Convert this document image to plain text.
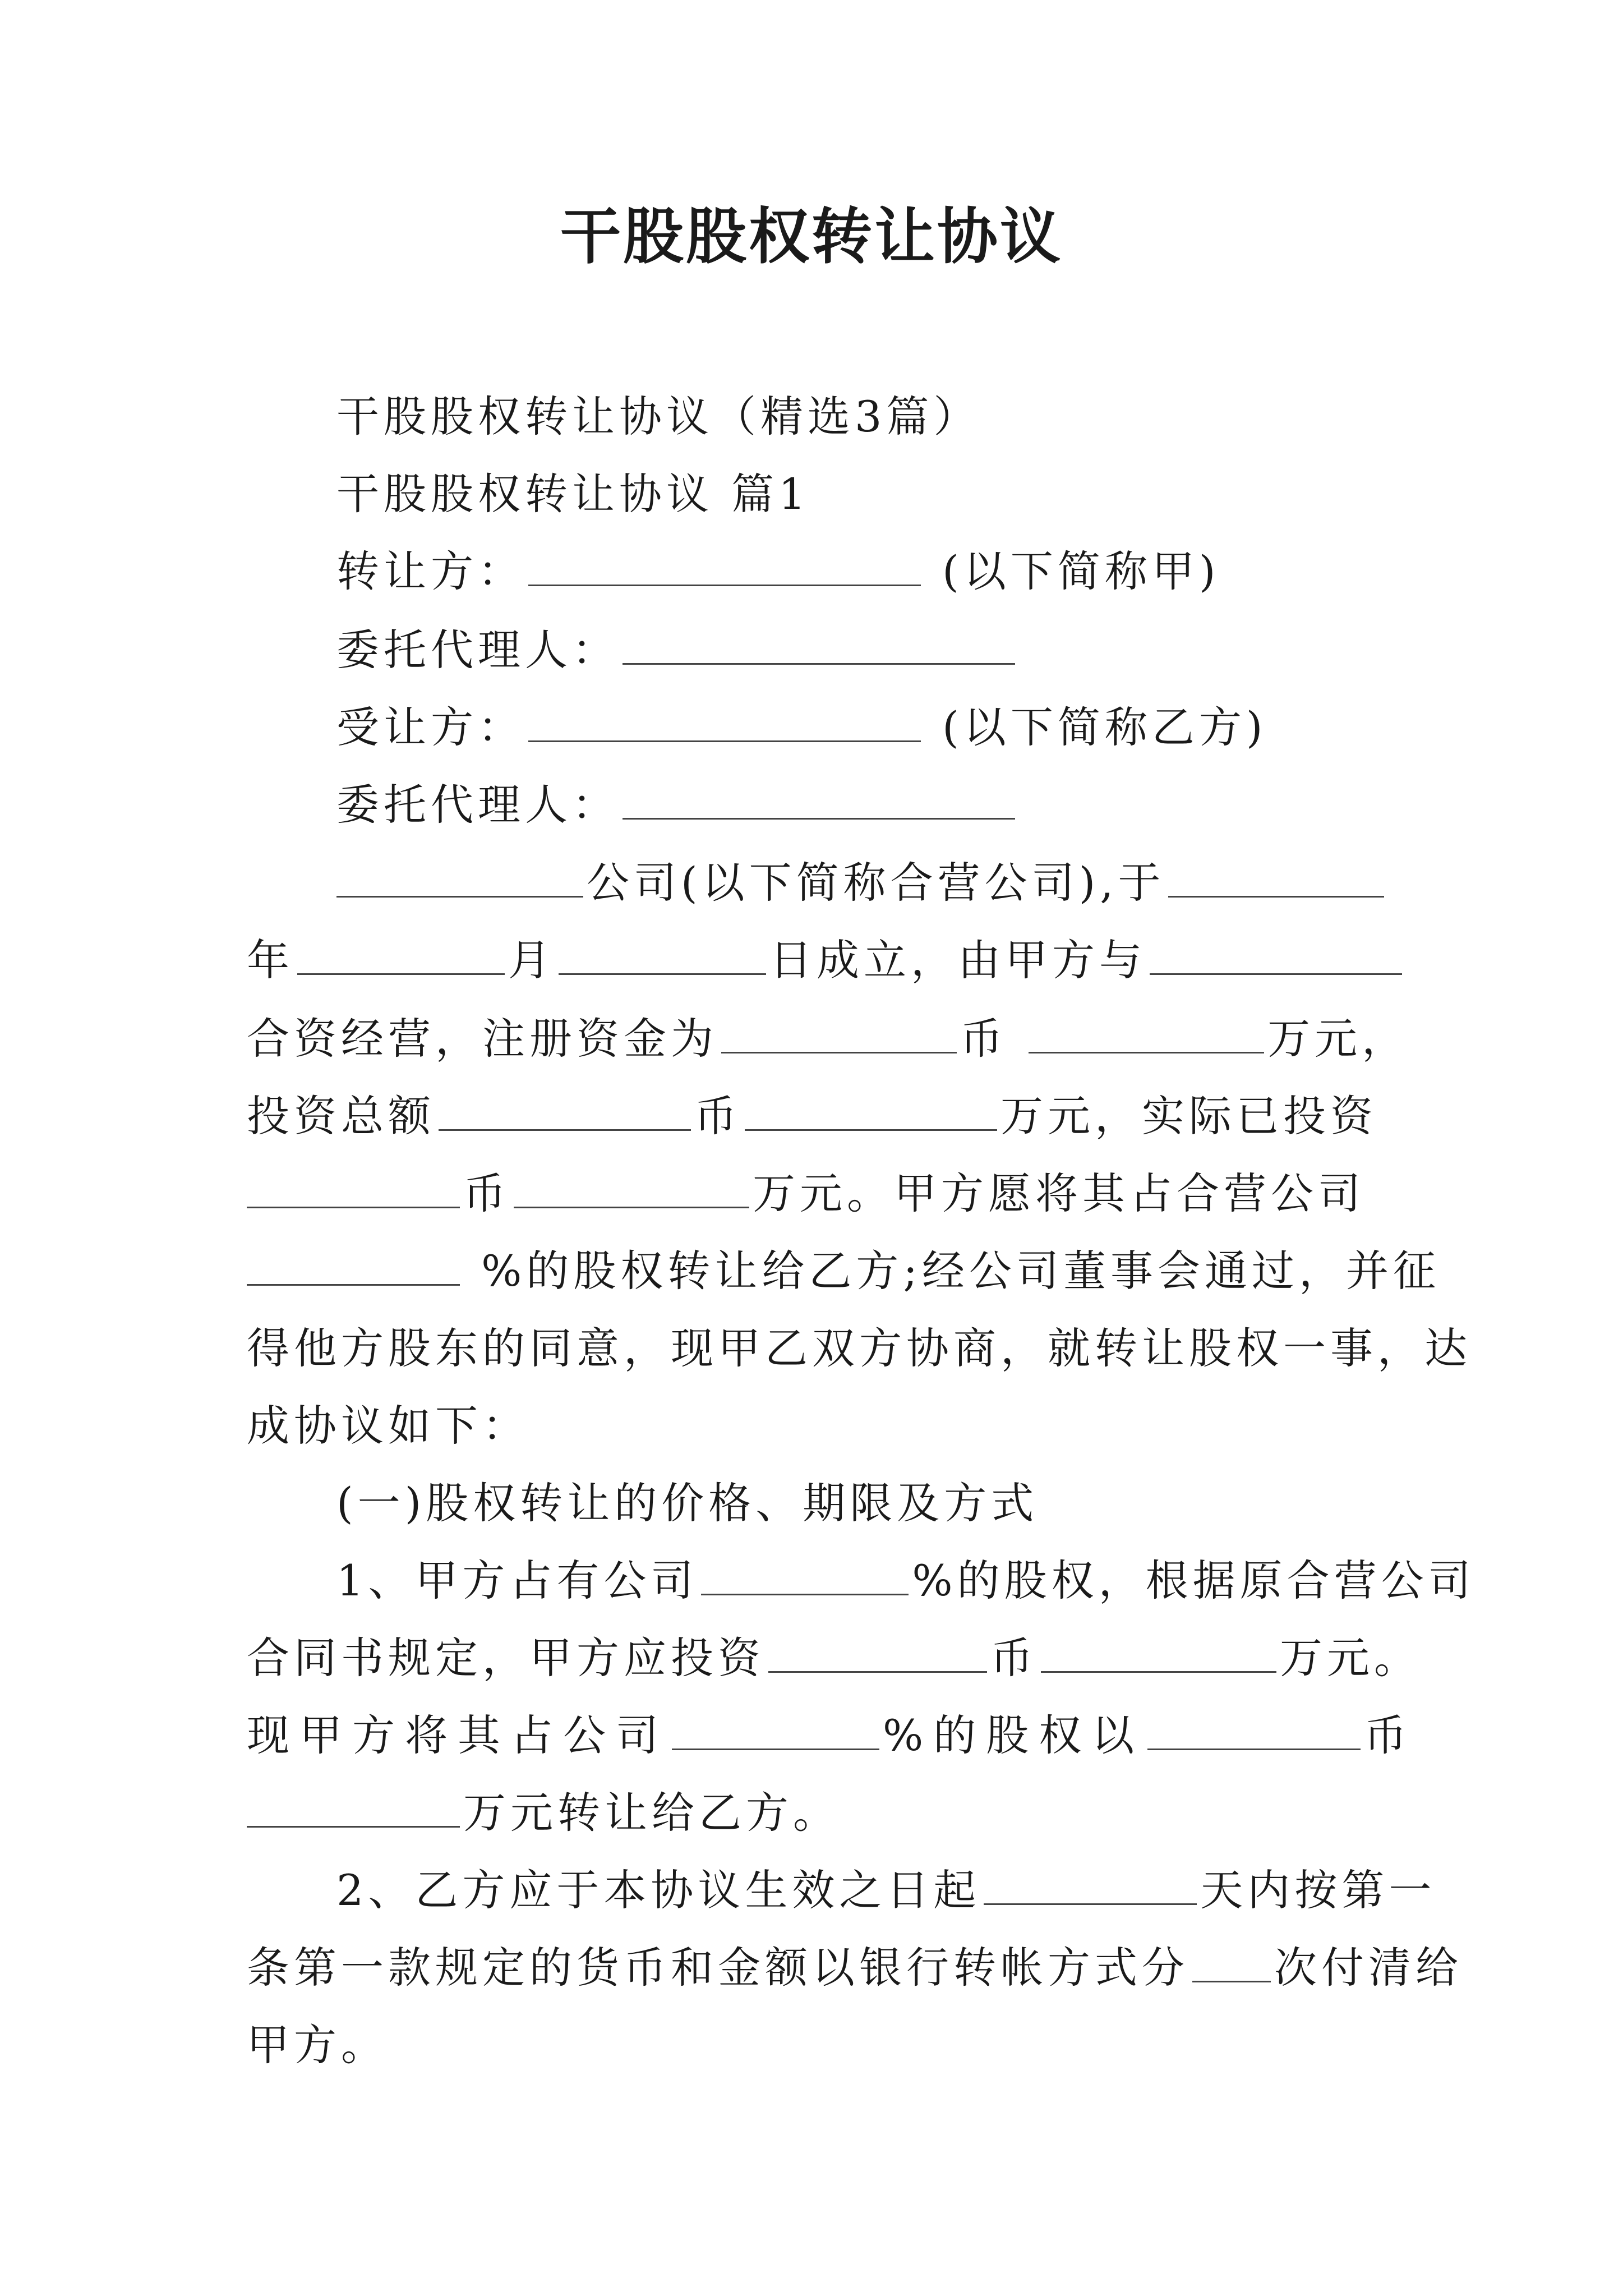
干股股权转让协议
干股股权转让协议（精选3篇）
干股股权转让协议 篇1
转让方：	(以下简称甲)
委托代理人：
受让方：	(以下简称乙方)
委托代理人：
公司(以下简称合营公司),于
年	月	日成立，由甲方与
合资经营，注册资金为	币	万元，
投资总额	币	万元，实际已投资
币	万元。甲方愿将其占合营公司
%的股权转让给乙方;经公司董事会通过，并征
得他方股东的同意，现甲乙双方协商，就转让股权一事，达
成协议如下：
(一)股权转让的价格、期限及方式
1、甲方占有公司	%的股权，根据原合营公司
合同书规定，甲方应投资	币	万元。
现甲方将其占公司	%的股权以	币
万元转让给乙方。
2、乙方应于本协议生效之日起	天内按第一
条第一款规定的货币和金额以银行转帐方式分 次付清给
甲方。
